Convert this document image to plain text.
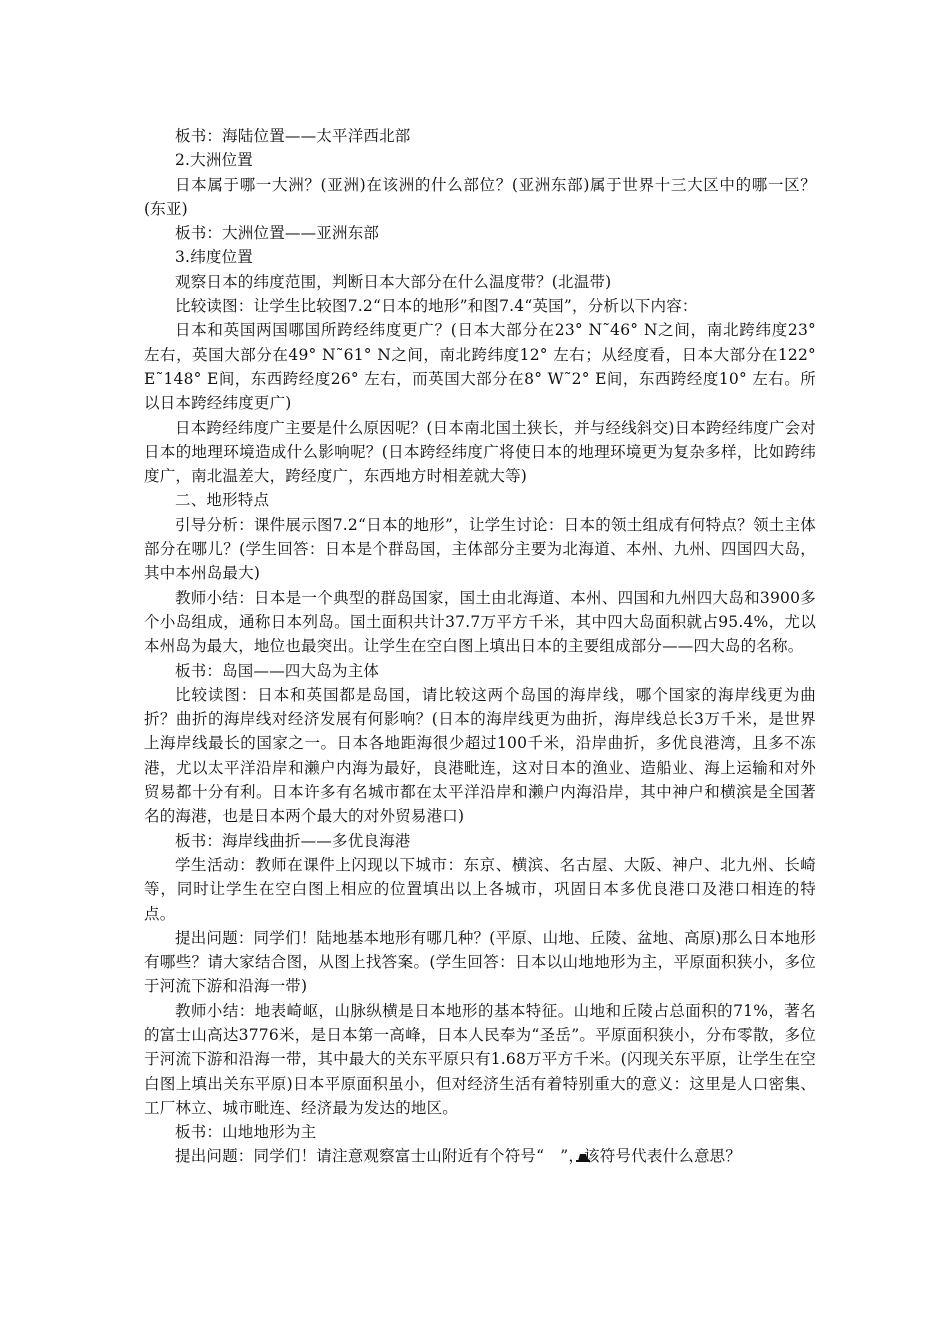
板书：海陆位置——太平洋西北部

2.大洲位置

日本属于哪一大洲？(亚洲)在该洲的什么部位？(亚洲东部)属于世界十三大区中的哪一区？(东亚)

板书：大洲位置——亚洲东部

3.纬度位置

观察日本的纬度范围，判断日本大部分在什么温度带？(北温带)

比较读图：让学生比较图7.2“日本的地形”和图7.4“英国”，分析以下内容：

日本和英国两国哪国所跨经纬度更广？(日本大部分在23° N˜46° N之间，南北跨纬度23° 左右，英国大部分在49° N˜61° N之间，南北跨纬度12° 左右；从经度看，日本大部分在122° E˜148° E间，东西跨经度26° 左右，而英国大部分在8° W˜2° E间，东西跨经度10° 左右。所以日本跨经纬度更广)

日本跨经纬度广主要是什么原因呢？(日本南北国土狭长，并与经线斜交)日本跨经纬度广会对日本的地理环境造成什么影响呢？(日本跨经纬度广将使日本的地理环境更为复杂多样，比如跨纬度广，南北温差大，跨经度广，东西地方时相差就大等)

二、地形特点

引导分析：课件展示图7.2“日本的地形”，让学生讨论：日本的领土组成有何特点？领土主体部分在哪儿？(学生回答：日本是个群岛国，主体部分主要为北海道、本州、九州、四国四大岛，其中本州岛最大)

教师小结：日本是一个典型的群岛国家，国土由北海道、本州、四国和九州四大岛和3900多个小岛组成，通称日本列岛。国土面积共计37.7万平方千米，其中四大岛面积就占95.4%，尤以本州岛为最大，地位也最突出。让学生在空白图上填出日本的主要组成部分——四大岛的名称。

板书：岛国——四大岛为主体

比较读图：日本和英国都是岛国，请比较这两个岛国的海岸线，哪个国家的海岸线更为曲折？曲折的海岸线对经济发展有何影响？(日本的海岸线更为曲折，海岸线总长3万千米，是世界上海岸线最长的国家之一。日本各地距海很少超过100千米，沿岸曲折，多优良港湾，且多不冻港，尤以太平洋沿岸和濑户内海为最好，良港毗连，这对日本的渔业、造船业、海上运输和对外贸易都十分有利。日本许多有名城市都在太平洋沿岸和濑户内海沿岸，其中神户和横滨是全国著名的海港，也是日本两个最大的对外贸易港口)

板书：海岸线曲折——多优良海港

学生活动：教师在课件上闪现以下城市：东京、横滨、名古屋、大阪、神户、北九州、长崎等，同时让学生在空白图上相应的位置填出以上各城市，巩固日本多优良港口及港口相连的特点。

提出问题：同学们！陆地基本地形有哪几种？(平原、山地、丘陵、盆地、高原)那么日本地形有哪些？请大家结合图，从图上找答案。(学生回答：日本以山地地形为主，平原面积狭小，多位于河流下游和沿海一带)

教师小结：地表崎岖，山脉纵横是日本地形的基本特征。山地和丘陵占总面积的71%，著名的富士山高达3776米，是日本第一高峰，日本人民奉为“圣岳”。平原面积狭小，分布零散，多位于河流下游和沿海一带，其中最大的关东平原只有1.68万平方千米。(闪现关东平原，让学生在空白图上填出关东平原)日本平原面积虽小，但对经济生活有着特别重大的意义：这里是人口密集、工厂林立、城市毗连、经济最为发达的地区。

板书：山地地形为主

提出问题：同学们！请注意观察富士山附近有个符号“ ”，该符号代表什么意思？
